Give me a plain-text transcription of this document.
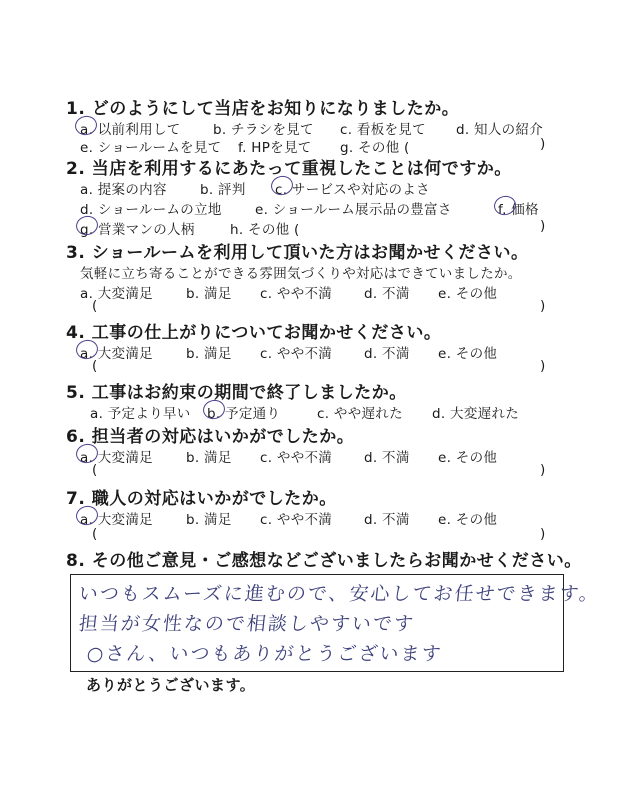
1. どのようにして当店をお知りになりましたか。
a. 以前利用して b. チラシを見て c. 看板を見て d. 知人の紹介
e. ショールームを見て f. HPを見て g. その他 (	)
2. 当店を利用するにあたって重視したことは何ですか。
a. 提案の内容 b. 評判 c. サービスや対応のよさ
d. ショールームの立地 e. ショールーム展示品の豊富さ	f. 価格
g. 営業マンの人柄	h. その他 (	)
3. ショールームを利用して頂いた方はお聞かせください。
気軽に立ち寄ることができる雰囲気づくりや対応はできていましたか。
a. 大変満足 b. 満足 c. やや不満 d. 不満 e. その他
(	)
4. 工事の仕上がりについてお聞かせください。
a. 大変満足 b. 満足 c. やや不満 d. 不満 e. その他
(	)
5. 工事はお約束の期間で終了しましたか。
a. 予定より早い b. 予定通り	c. やや遅れた d. 大変遅れた
6. 担当者の対応はいかがでしたか。
a. 大変満足 b. 満足 c. やや不満 d. 不満 e. その他
(	)
7. 職人の対応はいかがでしたか。
a. 大変満足 b. 満足 c. やや不満 d. 不満 e. その他
(	)
8. その他ご意見・ご感想などございましたらお聞かせください。
いつもスムーズに進むので、安心してお任せできます。
担当が女性なので相談しやすいです
○さん、いつもありがとうございます
ありがとうございます。
